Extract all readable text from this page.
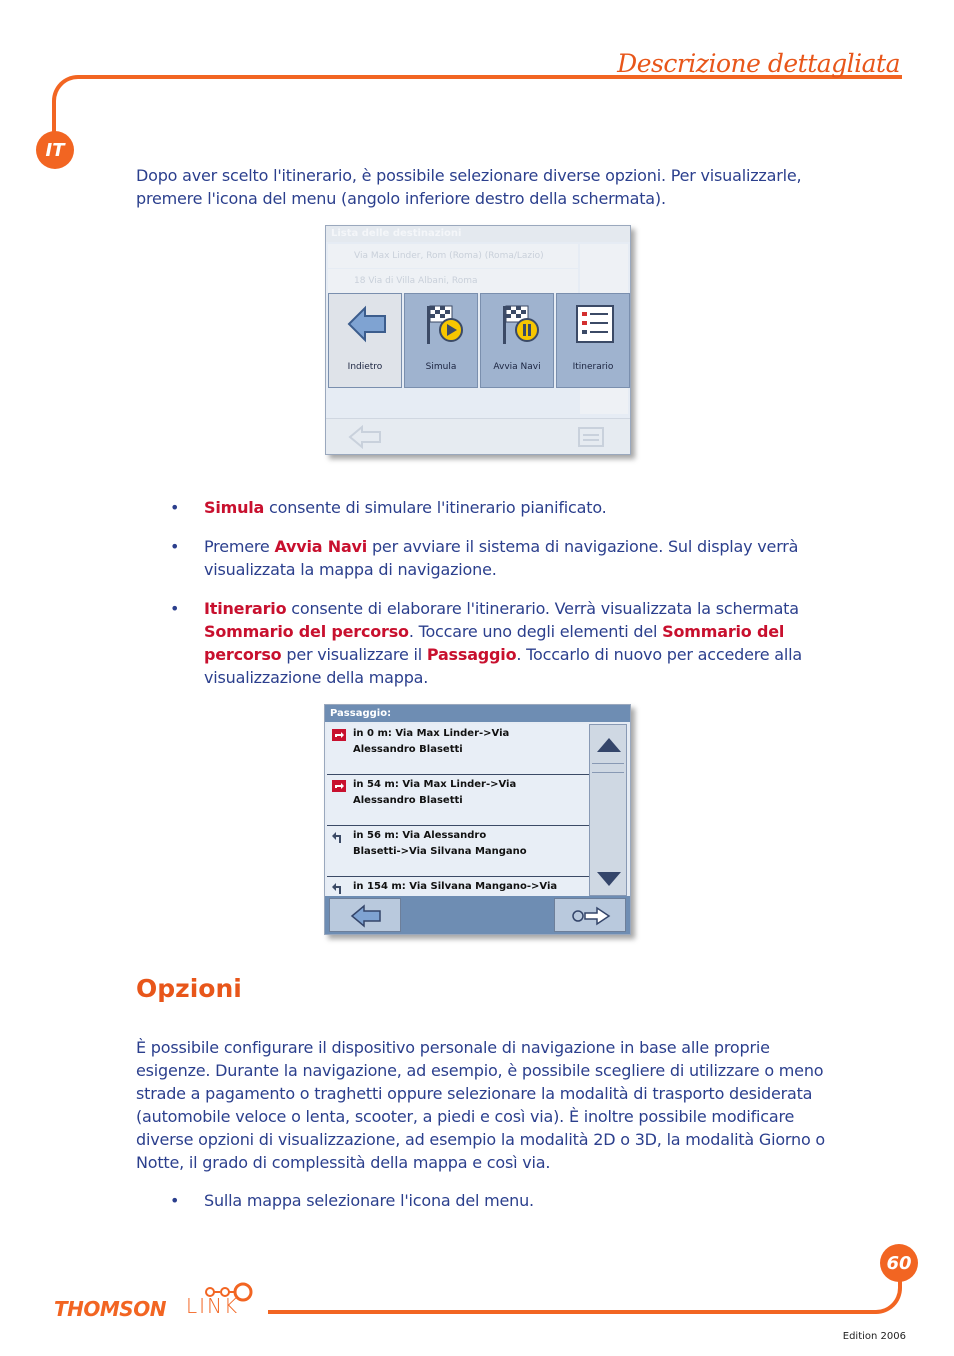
Descrizione dettagliata
IT

Dopo aver scelto l'itinerario, è possibile selezionare diverse opzioni. Per visualizzarle, premere l'icona del menu (angolo inferiore destro della schermata).

Lista delle destinazioni
Via Max Linder, Rom (Roma) (Roma/Lazio)
18 Via di Villa Albani, Roma
Indietro	Simula	Avvia Navi	Itinerario
• Simula consente di simulare l'itinerario pianificato.
• Premere Avvia Navi per avviare il sistema di navigazione. Sul display verrà visualizzata la mappa di navigazione.
• Itinerario consente di elaborare l'itinerario. Verrà visualizzata la schermata Sommario del percorso. Toccare uno degli elementi del Sommario del percorso per visualizzare il Passaggio. Toccarlo di nuovo per accedere alla visualizzazione della mappa.
Passaggio:
in 0 m: Via Max Linder->Via
Alessandro Blasetti
in 54 m: Via Max Linder->Via
Alessandro Blasetti
in 56 m: Via Alessandro
Blasetti->Via Silvana Mangano
in 154 m: Via Silvana Mangano->Via
Opzioni

È possibile configurare il dispositivo personale di navigazione in base alle proprie esigenze. Durante la navigazione, ad esempio, è possibile scegliere di utilizzare o meno strade a pagamento o traghetti oppure selezionare la modalità di trasporto desiderata (automobile veloce o lenta, scooter, a piedi e così via). È inoltre possibile modificare diverse opzioni di visualizzazione, ad esempio la modalità 2D o 3D, la modalità Giorno o Notte, il grado di complessità della mappa e così via.

• Sulla mappa selezionare l'icona del menu.
60
THOMSON LINK
Edition 2006
